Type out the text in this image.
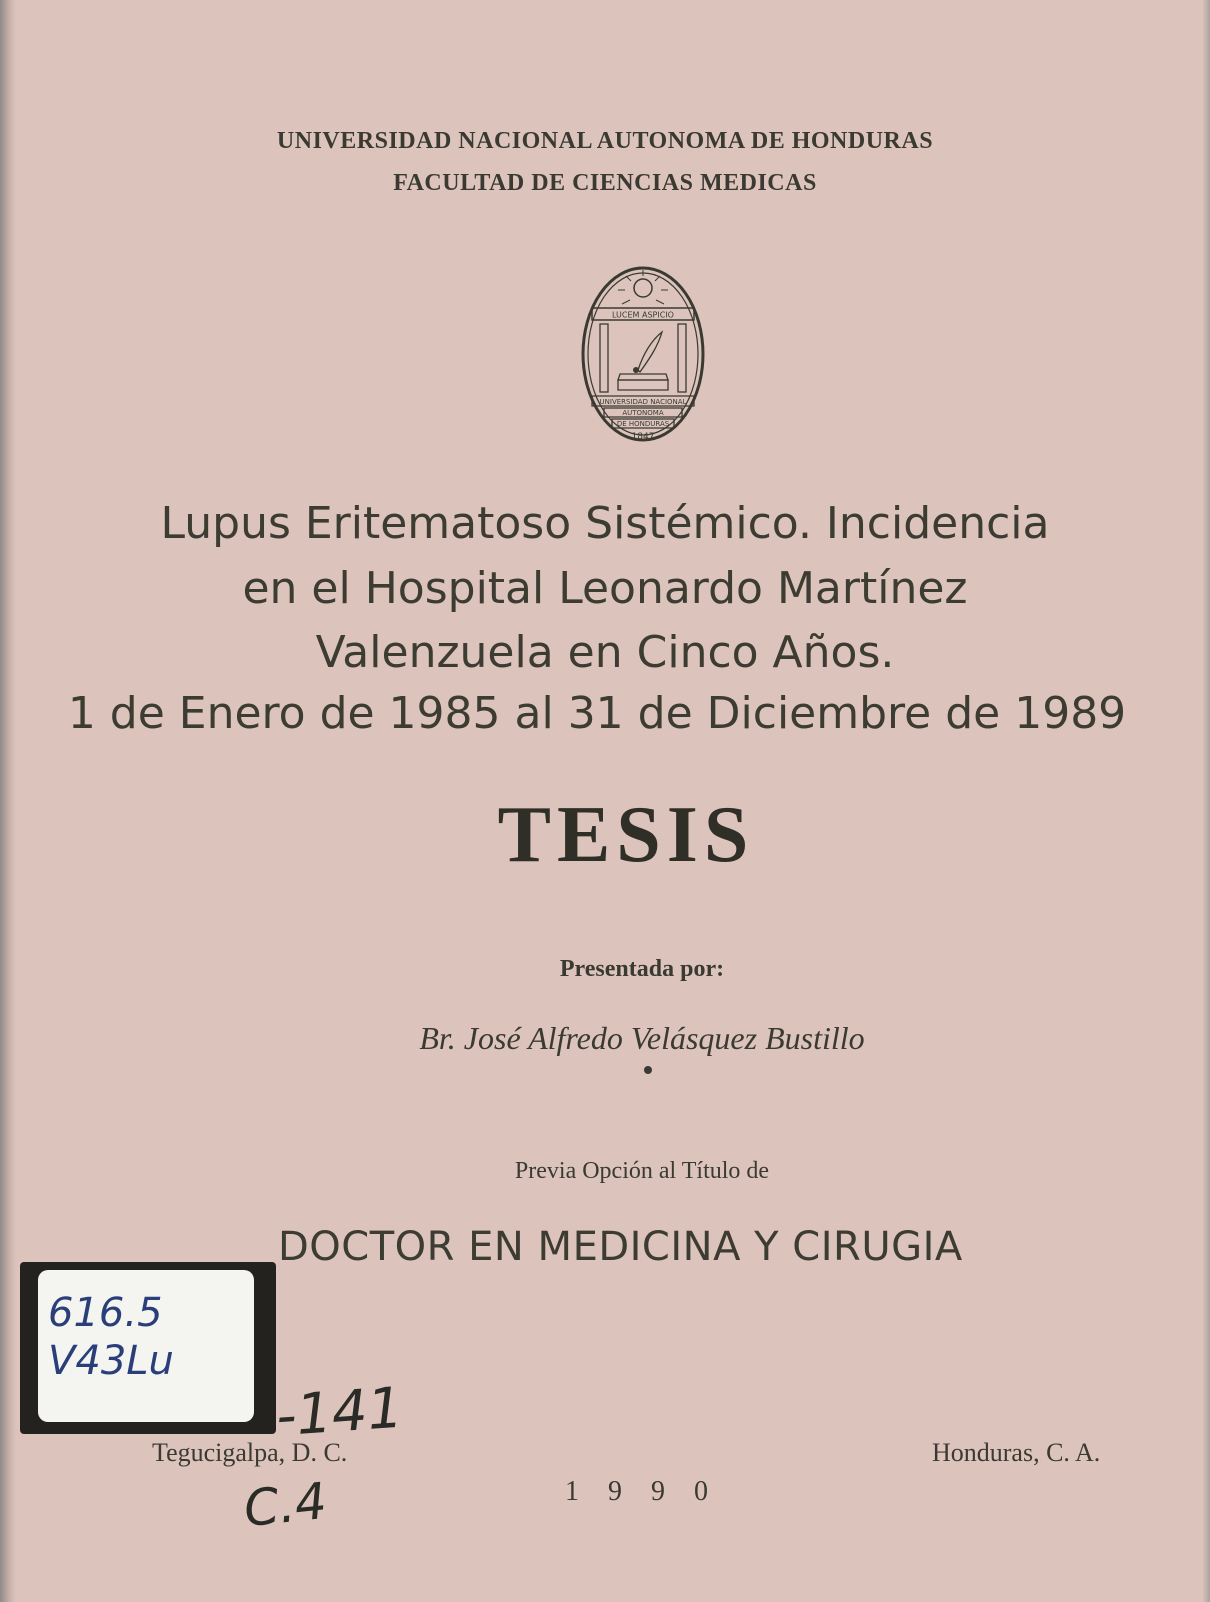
UNIVERSIDAD NACIONAL AUTONOMA DE HONDURAS
FACULTAD DE CIENCIAS MEDICAS
LUCEM ASPICIO
UNIVERSIDAD NACIONAL
AUTONOMA
DE HONDURAS
1847
Lupus Eritematoso Sistémico. Incidencia
en el Hospital Leonardo Martínez
Valenzuela en Cinco Años.
1 de Enero de 1985 al 31 de Diciembre de 1989
TESIS
Presentada por:
Br. José Alfredo Velásquez Bustillo
Previa Opción al Título de
DOCTOR EN MEDICINA Y CIRUGIA
616.5
V43Lu
-141
Tegucigalpa, D. C.	Honduras, C. A.
1 9 9 0
C.4
